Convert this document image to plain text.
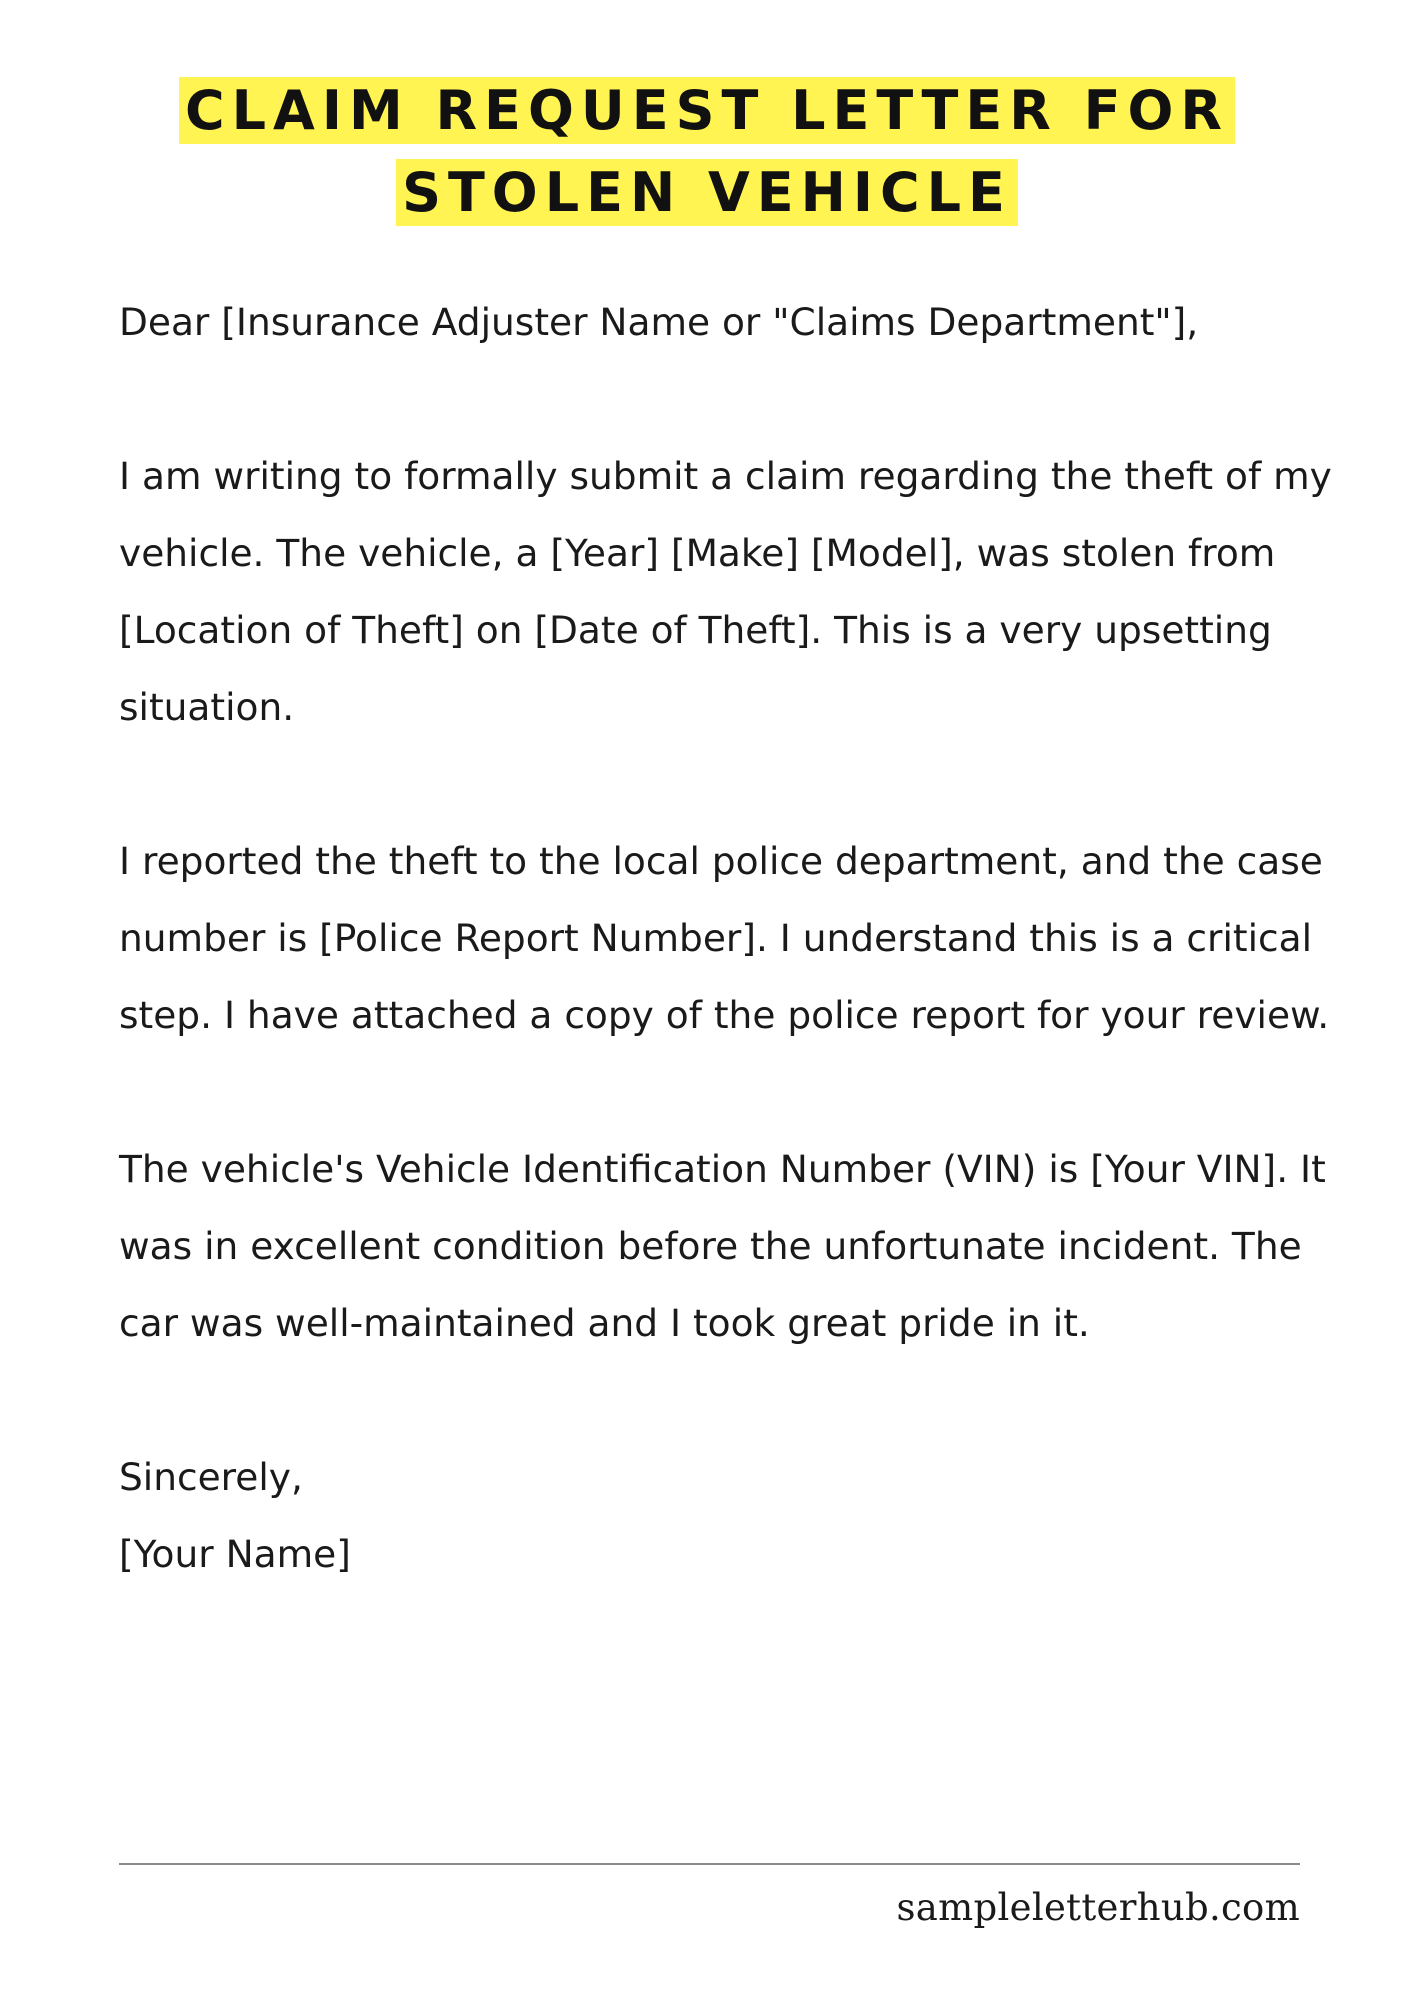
CLAIM REQUEST LETTER FOR STOLEN VEHICLE

Dear [Insurance Adjuster Name or "Claims Department"],

I am writing to formally submit a claim regarding the theft of my vehicle. The vehicle, a [Year] [Make] [Model], was stolen from [Location of Theft] on [Date of Theft]. This is a very upsetting situation.

I reported the theft to the local police department, and the case number is [Police Report Number]. I understand this is a critical step. I have attached a copy of the police report for your review.

The vehicle's Vehicle Identification Number (VIN) is [Your VIN]. It was in excellent condition before the unfortunate incident. The car was well-maintained and I took great pride in it.

Sincerely,

[Your Name]

sampleletterhub.com
